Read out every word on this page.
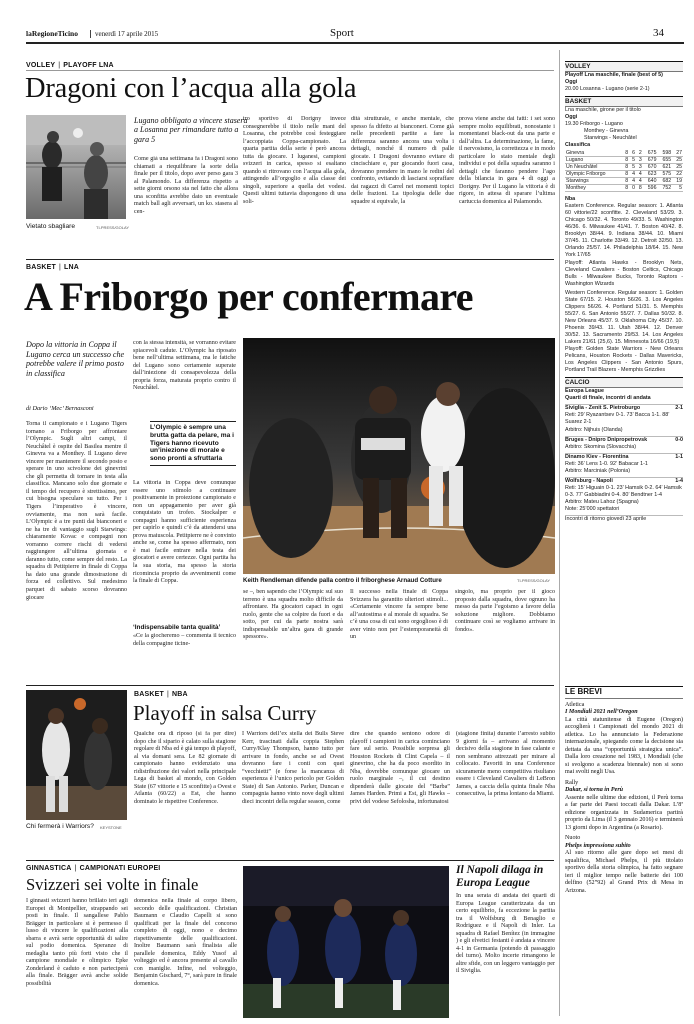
laRegioneTicino	venerdì 17 aprile 2015	Sport	34
VOLLEY | PLAYOFF LNA
Dragoni con l’acqua alla gola
Vietato sbagliare	TI-PRESS/GOLAY
Lugano obbligato a vincere stasera a Losanna per rimandare tutto a gara 5
Come già una settimana fa i Dragoni sono chiamati a riequilibrare la sorte della finale per il titolo, dopo aver perso gara 3 al Palamondo. La differenza rispetto a sette giorni orsono sta nel fatto che allora una sconfitta avrebbe dato un eventuale match ball agli avversari, un ko. stasera al cen-
tro sportivo di Dorigny invece consegnerebbe il titolo nelle mani del Losanna, che potrebbe così festeggiare l’accoppiata Coppa-campionato. La quarta partita della serie è però ancora tutta da giocare. I luganesi, campioni svizzeri in carica, spesso si esaltano quando si ritrovano con l’acqua alla gola, attingendo all’orgoglio e alla classe dei singoli, superiore a quella dei vodesi. Questi ultimi tuttavia dispongono di una soli-
dità strutturale, e anche mentale, che spesso fa difetto ai bianconeri. Come già nelle precedenti partite a fare la differenza saranno ancora una volta i dettagli, nonché il numero di palle giocate. I Dragoni dovranno evitare di cincischiare e, pur giocando fuori casa, dovranno prendere in mano le redini del confronto, evitando di lasciarsi sopraffare dai ragazzi di Carrel nei momenti topici delle frazioni. La tipologia delle due squadre si equivale, la
prova viene anche dai fatti: i set sono sempre molto equilibrati, nonostante i momentanei black-out da una parte e dall’altra. La determinazione, la fame, il nervosismo, la correttezza e in modo particolare lo stato mentale degli individui e poi della squadra saranno i dettagli che faranno pendere l’ago della bilancia in gara 4 di oggi a Dorigny. Per il Lugano la vittoria è di rigore, in attesa di sparare l’ultima cartuccia domenica al Palamondo.
BASKET | LNA
A Friborgo per confermare
Dopo la vittoria in Coppa il Lugano cerca un successo che potrebbe valere il primo posto in classifica
di Dario ‘Mec’ Bernasconi
Torna il campionato e i Lugano Tigers tornano a Friborgo per affrontare l’Olympic. Sugli altri campi, il Neuchâtel è ospite del Basilea mentre il Ginevra va a Monthey. Il Lugano deve vincere per mantenere il secondo posto e sperare in uno scivolone dei ginevrini che gli permetta di tornare in testa alla classifica. Mancano solo due giornate e il tempo del recupero è strettissimo, per cui bisogna speculare su tutto. Per i Tigers l’imperativo è vincere, ovviamente, ma non sarà facile. L’Olympic è a tre punti dai bianconeri e ne ha tre di vantaggio sugli Starwings: chiaramente Kovac e compagni non vorranno correre rischi di vedersi raggiungere all’ultima giornata e daranno tutto, come sempre del resto. La squadra di Petitpierre in finale di Coppa ha dato una grande dimostrazione di forza ed collettivo. Sul medesimo parquet di sabato scorso dovranno giocare
con la stessa intensità, se vorranno evitare spiacevoli cadute. L’Olympic ha riposato bene nell’ultima settimana, ma le fatiche del Lugano sono certamente superate dall’iniezione di consapevolezza della propria forza, maturata proprio contro il Neuchâtel.
L’Olympic è sempre una brutta gatta da pelare, ma i Tigers hanno ricevuto un’iniezione di morale e sono pronti a sfruttarla
La vittoria in Coppa deve comunque essere uno stimolo a continuare positivamente in proiezione campionato e non un appagamento per aver già conquistato un trofeo. Stockalper e compagni hanno sufficiente esperienza per capirlo e quindi c’è da attendersi una prova maiuscola. Petitpierre ne è convinto anche se, come ha spesso affermato, non è mai facile entrare nella testa dei giocatori e avere certezze. Ogni partita ha la sua storia, ma spesso la storia ricomincia proprio da avvenimenti come la finale di Coppa.
‘Indispensabile tanta qualità’
«Ce la giocheremo – commenta il tecnico della compagine ticine-
Keith Rendleman difende palla contro il friborghese Arnaud Cotture	TI-PRESS/GOLAY
se –, ben sapendo che l’Olympic sul suo terreno è una squadra molto difficile da affrontare. Ha giocatori capaci in ogni ruolo, gente che sa colpire da fuori e da sotto, per cui da parte nostra sarà indispensabile un’altra gara di grande spessore».
Il successo nella finale di Coppa Svizzera ha garantito ulteriori stimoli... «Certamente vincere fa sempre bene all’autostima e al morale di squadra. Se c’è una cosa di cui sono orgoglioso è di aver vinto non per l’estemporaneità di un
singolo, ma proprio per il gioco proposto dalla squadra, dove ognuno ha messo da parte l’egoismo a favore della soluzione migliore. Dobbiamo continuare così se vogliamo arrivare in fondo».
Chi fermerà i Warriors? KEYSTONE
BASKET | NBA
Playoff in salsa Curry
Qualche ora di riposo (si fa per dire) dopo che il sipario è calato sulla stagione regolare di Nba ed è già tempo di playoff, al via domani sera. Le 82 giornate di campionato hanno evidenziato una ridistribuzione dei valori nella principale Lega di basket al mondo, con Golden State (67 vittorie e 15 sconfitte) a Ovest e Atlanta (60/22) a Est, che hanno dominato le rispettive Conference.
I Warriors dell’ex stella dei Bulls Steve Kerr, trascinati dalla coppia Stephen Curry/Klay Thompson, hanno tutto per arrivare in fondo, anche se ad Ovest dovranno fare i conti con quei “vecchietti” (e forse la mancanza di esperienza è l’unico pericolo per Golden State) di San Antonio. Parker, Duncan e compagnia hanno vinto nove degli ultimi dieci incontri della regular season, come
dire che quando sentono odore di playoff i campioni in carica cominciano fare sul serio. Possibile sorpresa gli Houston Rockets di Clint Capela – il ginevrino, che ha da poco esordito in Nba, dovrebbe comunque giocare un ruolo marginale –, il cui destino dipenderà dalle giocate del “Barba” James Harden. Primi a Est, gli Hawks – privi del vodese Sefolosha, infortunatosi
(stagione finita) durante l’arresto subito 9 giorni fa – arrivano al momento decisivo della stagione in fase calante e non sembrano attrezzati per mirare al collocato. Favoriti in una Conference sicuramente meno competitiva risultano essere i Cleveland Cavaliers di LeBron James, a caccia della quinta finale Nba consecutiva, la prima lontano da Miami.
GINNASTICA | CAMPIONATI EUROPEI
Svizzeri sei volte in finale
I ginnasti svizzeri hanno brillato ieri agli Europei di Montpellier, strappando sei posti in finale. Il sangallese Pablo Brägger in particolare si è permesso il lusso di vincere le qualificazioni alla sbarra e avrà serie opportunità di salire sul podio domenica. Speranze di medaglia tanto più forti visto che il campione mondiale e olimpico Epke Zonderland è caduto e non parteciperà alla finale. Brägger avrà anche solide possibilità
domenica nella finale al corpo libero, secondo delle qualificazioni. Christian Baumann e Claudio Capelli si sono qualificati per la finale del concorso completo di oggi, nono e decimo rispettivamente delle qualificazioni. Inoltre Baumann sarà finalista alle parallele domenica, Eddy Yusof al volteggio ed è ancora presente al cavallo con maniglie. Infine, nel volteggio, Benjamin Gischard, 7°, sarà pure in finale domenica.
Il Napoli dilaga in Europa League
In una serata di andata dei quarti di Europa League caratterizzata da un certo equilibrio, fa eccezione la partita tra il Wolfsburg di Benaglio e Rodriguez e il Napoli di Inler. La squadra di Rafael Benítez (in immagine ) e gli elvetici festanti è andata a vincere 4-1 in Germania (potendo di passaggio del turno). Molto incerte rimangono le altre sfide, con un leggero vantaggio per il Siviglia.
VOLLEY
Playoff Lna maschile, finale (best of 5)
Oggi
20.00 Losanna - Lugano (serie 2-1)
BASKET
Lna maschile, girone per il titolo
Oggi
19.30 Friborgo - Lugano
Monthey - Ginevra
Starwings - Neuchâtel
Classifica
Ginevra	8	6	2	675	598	27
Lugano	8	5	3	679	655	25
Un Neuchâtel	8	5	3	670	621	25
Olympic Friborgo	8	4	4	623	575	22
Starwings	8	4	4	640	682	19
Monthey	8	0	8	596	752	5
Nba
Eastern Conference. Regular season: 1. Atlanta 60 vittorie/22 sconfitte. 2. Cleveland 53/29. 3. Chicago 50/32. 4. Toronto 49/33. 5. Washington 46/36. 6. Milwaukee 41/41. 7. Boston 40/42. 8. Brooklyn 38/44. 9. Indiana 38/44. 10. Miami 37/45. 11. Charlotte 33/49. 12. Detroit 32/50. 13. Orlando 25/57. 14. Philadelphia 18/64. 15. New York 17/65
Playoff: Atlanta Hawks - Brooklyn Nets, Cleveland Cavaliers - Boston Celtics, Chicago Bulls - Milwaukee Bucks, Toronto Raptors - Washington Wizards
Western Conference. Regular season: 1. Golden State 67/15. 2. Houston 56/26. 3. Los Angeles Clippers 56/26. 4. Portland 51/31. 5. Memphis 55/27. 6. San Antonio 55/27. 7. Dallas 50/32. 8. New Orleans 45/37. 9. Oklahoma City 45/37. 10. Phoenix 39/43. 11. Utah 38/44. 12. Denver 30/52. 13. Sacramento 29/53. 14. Los Angeles Lakers 21/61 (25,6). 15. Minnesota 16/66 (19,5)
Playoff: Golden State Warriors - New Orleans Pelicans, Houston Rockets - Dallas Mavericks, Los Angeles Clippers - San Antonio Spurs, Portland Trail Blazers - Memphis Grizzlies
CALCIO
Europa League
Quarti di finale, incontri di andata
Siviglia - Zenit S. Pietroburgo	2-1
Reti: 29’ Ryazantsev 0-1. 73’ Bacca 1-1. 88’ Suarez 2-1
Arbitro: Nijhuis (Olanda)
Bruges - Dnipro Dnipropetrovsk	0-0
Arbitro: Skomina (Slovacchia)
Dinamo Kiev - Fiorentina	1-1
Reti: 36’ Lens 1-0. 92’ Babacar 1-1
Arbitro: Marciniak (Polonia)
Wolfsburg - Napoli	1-4
Reti: 15’ Higuain 0-1. 23’ Hamsik 0-2. 64’ Hamsik 0-3. 77’ Gabbiadini 0-4. 80’ Bendtner 1-4
Arbitro: Mateu Lahoz (Spagna)
Note: 25’000 spettatori
Incontri di ritorno giovedì 23 aprile
LE BREVI
Atletica
I Mondiali 2021 nell’Oregon
La città statunitense di Eugene (Oregon) accoglierà i Campionati del mondo 2021 di atletica. Lo ha annunciato la Federazione internazionale, spiegando come la decisione sia dettata da una “opportunità strategica unica”. Dalla loro creazione nel 1983, i Mondiali (che si svolgono a scadenza biennale) non si sono mai svolti negli Usa.
Rally
Dakar, si torna in Perù
Assente nelle ultime due edizioni, il Perù torna a far parte dei Paesi toccati dalla Dakar. L’8ª edizione organizzata in Sudamerica partirà proprio da Lima (il 3 gennaio 2016) e terminerà 13 giorni dopo in Argentina (a Rosario).
Nuoto
Phelps impressiona subito
Al suo ritorno alle gare dopo sei mesi di squalifica, Michael Phelps, il più titolato sportivo della storia olimpica, ha fatto segnare ieri il miglior tempo nelle batterie dei 100 delfino (52”92) al Grand Prix di Mesa in Arizona.
